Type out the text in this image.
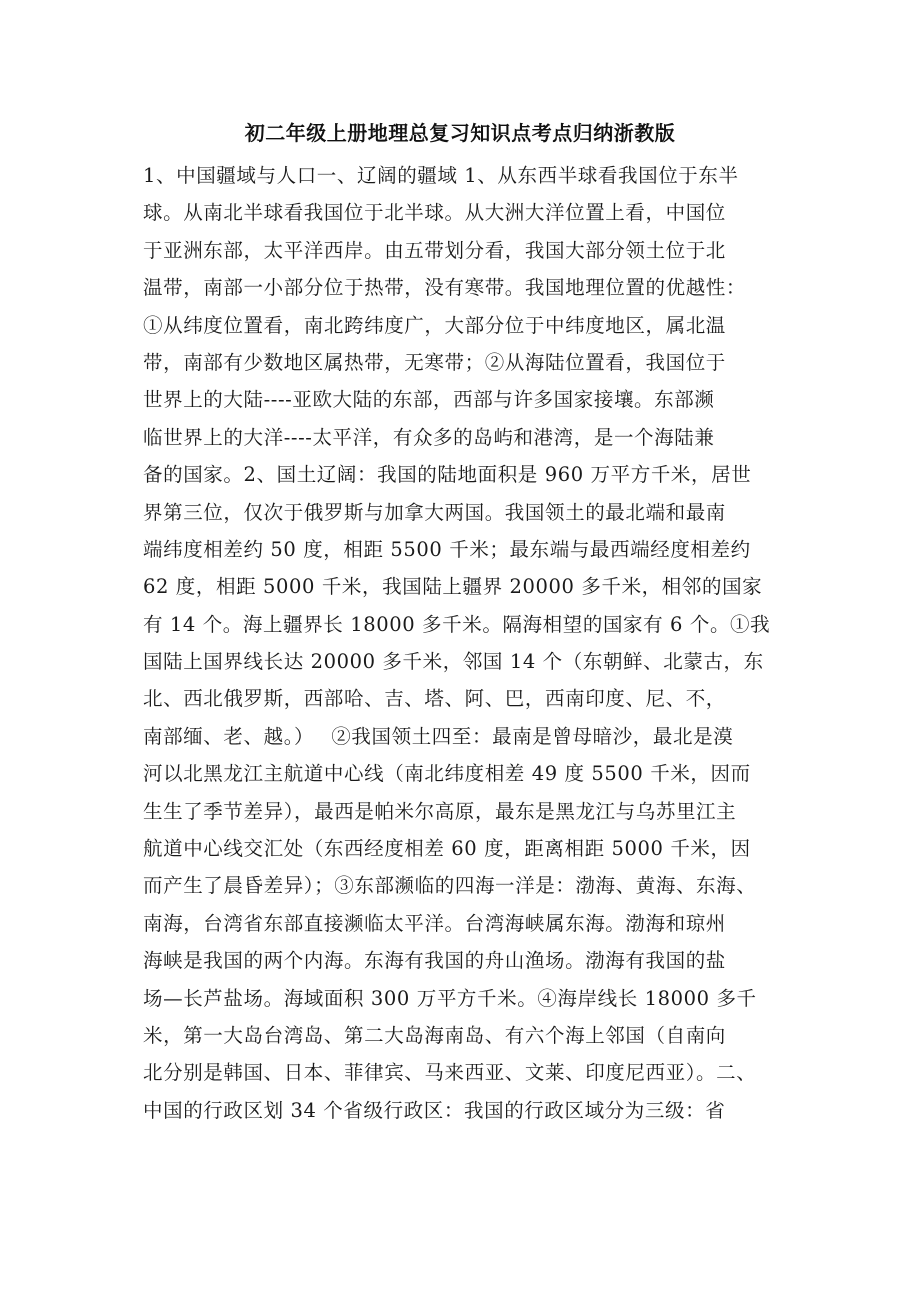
初二年级上册地理总复习知识点考点归纳浙教版
1、中国疆域与人口一、辽阔的疆域 1、从东西半球看我国位于东半
球。从南北半球看我国位于北半球。从大洲大洋位置上看，中国位
于亚洲东部，太平洋西岸。由五带划分看，我国大部分领土位于北
温带，南部一小部分位于热带，没有寒带。我国地理位置的优越性：
①从纬度位置看，南北跨纬度广，大部分位于中纬度地区，属北温
带，南部有少数地区属热带，无寒带；②从海陆位置看，我国位于
世界上的大陆----亚欧大陆的东部，西部与许多国家接壤。东部濒
临世界上的大洋----太平洋，有众多的岛屿和港湾，是一个海陆兼
备的国家。2、国土辽阔：我国的陆地面积是 960 万平方千米，居世
界第三位，仅次于俄罗斯与加拿大两国。我国领土的最北端和最南
端纬度相差约 50 度，相距 5500 千米；最东端与最西端经度相差约
62 度，相距 5000 千米，我国陆上疆界 20000 多千米，相邻的国家
有 14 个。海上疆界长 18000 多千米。隔海相望的国家有 6 个。①我
国陆上国界线长达 20000 多千米，邻国 14 个（东朝鲜、北蒙古，东
北、西北俄罗斯，西部哈、吉、塔、阿、巴，西南印度、尼、不，
南部缅、老、越。）　 ②我国领土四至：最南是曾母暗沙，最北是漠
河以北黑龙江主航道中心线（南北纬度相差 49 度 5500 千米，因而
生生了季节差异），最西是帕米尔高原，最东是黑龙江与乌苏里江主
航道中心线交汇处（东西经度相差 60 度，距离相距 5000 千米，因
而产生了晨昏差异）；③东部濒临的四海一洋是：渤海、黄海、东海、
南海，台湾省东部直接濒临太平洋。台湾海峡属东海。渤海和琼州
海峡是我国的两个内海。东海有我国的舟山渔场。渤海有我国的盐
场—长芦盐场。海域面积 300 万平方千米。④海岸线长 18000 多千
米，第一大岛台湾岛、第二大岛海南岛、有六个海上邻国（自南向
北分别是韩国、日本、菲律宾、马来西亚、文莱、印度尼西亚）。二、
中国的行政区划 34 个省级行政区：我国的行政区域分为三级：省
